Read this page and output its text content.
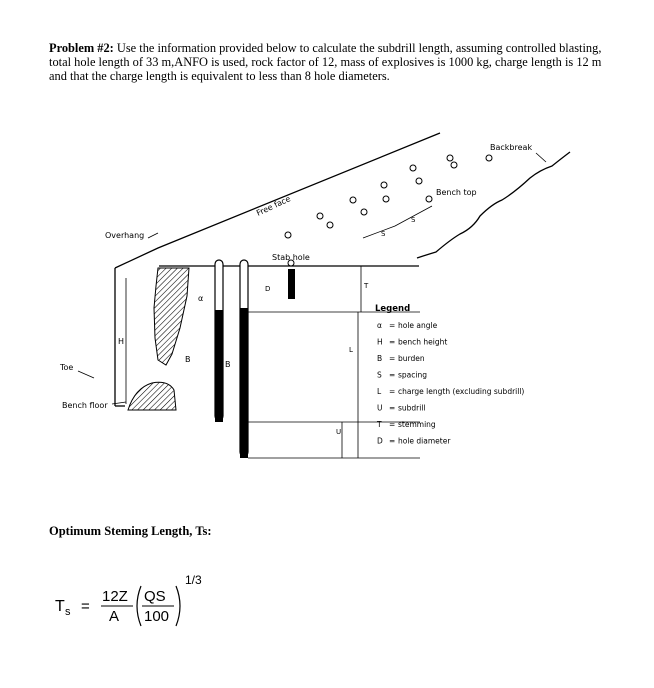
Problem #2: Use the information provided below to calculate the subdrill length, assuming controlled blasting, total hole length of 33 m,ANFO is used, rock factor of 12, mass of explosives is 1000 kg, charge length is 12 m and that the charge length is equivalent to less than 8 hole diameters.
Backbreak
Bench top
Free face
Overhang
Stab hole
Toe
Bench floor
H
B
B
D
α
S
S
T
L
U
Legend
α = hole angle
H = bench height
B = burden
S = spacing
L = charge length (excluding subdrill)
U = subdrill
T = stemming
D = hole diameter
Optimum Steming Length, Ts:
T s =
12Z
A
QS
100
1/3
